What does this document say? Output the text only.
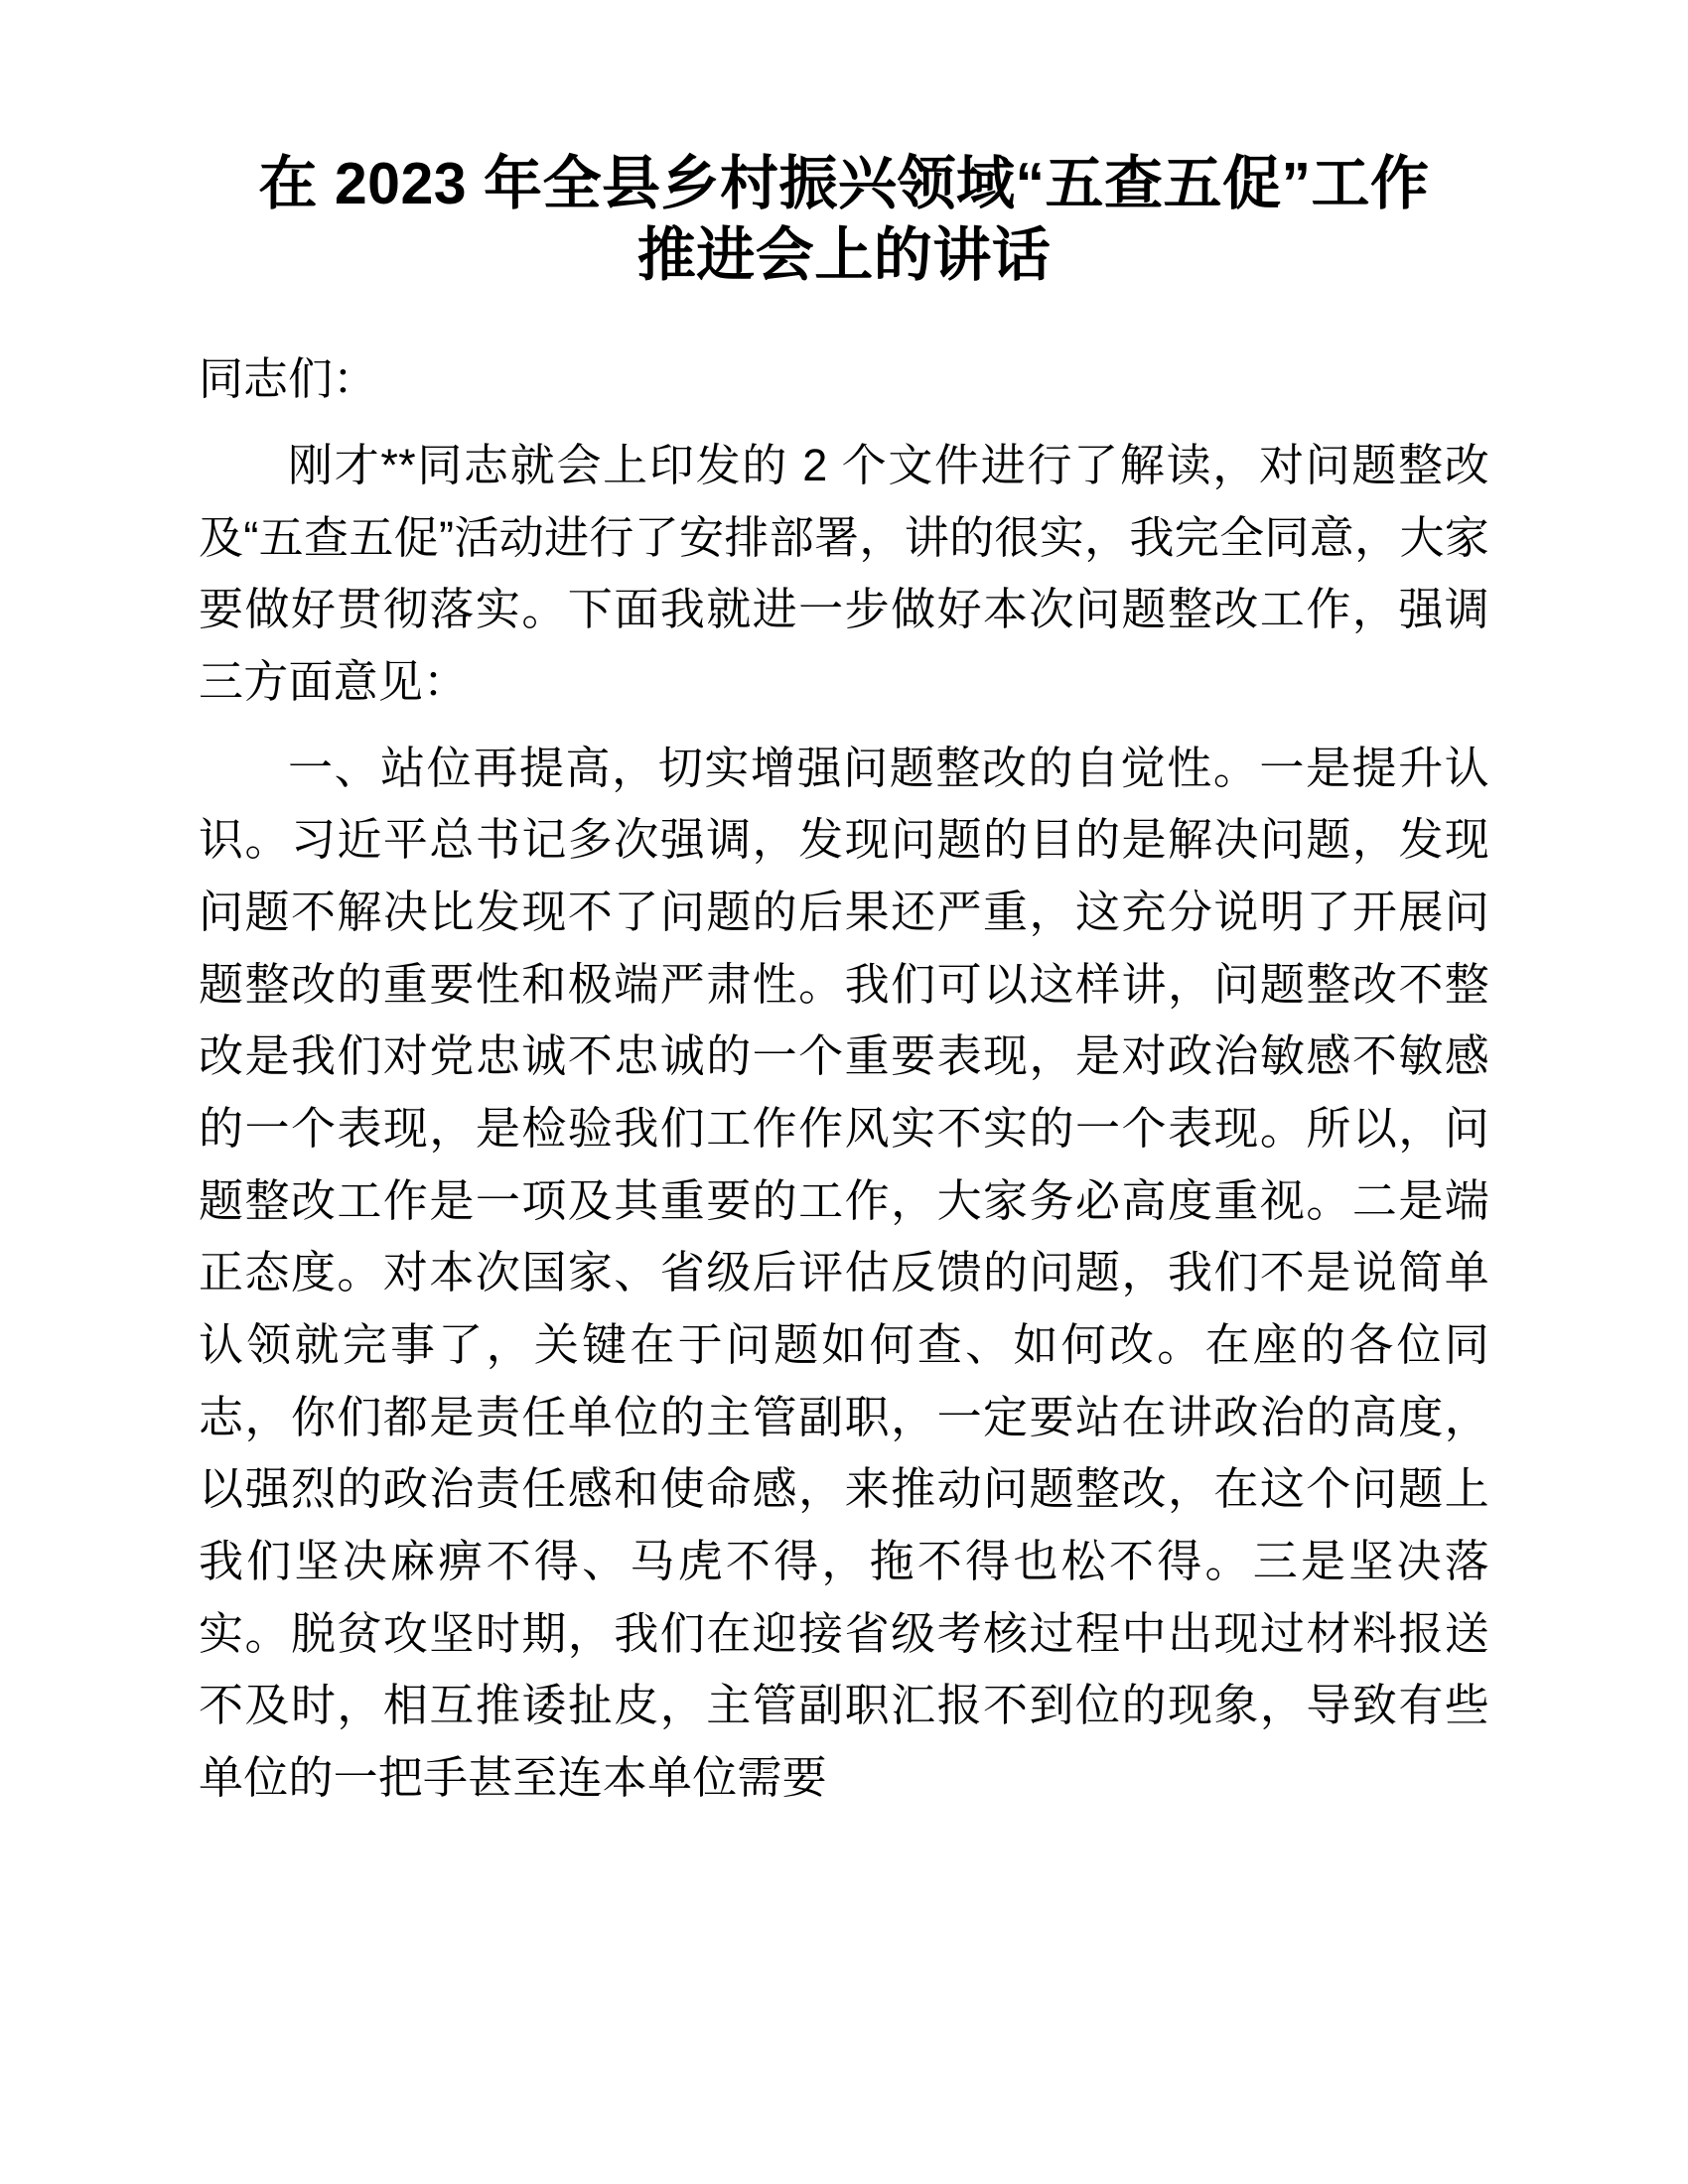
在 2023 年全县乡村振兴领域“五查五促”工作
推进会上的讲话

同志们：

刚才**同志就会上印发的 2 个文件进行了解读，对问题整改及“五查五促”活动进行了安排部署，讲的很实，我完全同意，大家要做好贯彻落实。下面我就进一步做好本次问题整改工作，强调三方面意见：

一、站位再提高，切实增强问题整改的自觉性。一是提升认识。习近平总书记多次强调，发现问题的目的是解决问题，发现问题不解决比发现不了问题的后果还严重，这充分说明了开展问题整改的重要性和极端严肃性。我们可以这样讲，问题整改不整改是我们对党忠诚不忠诚的一个重要表现，是对政治敏感不敏感的一个表现，是检验我们工作作风实不实的一个表现。所以，问题整改工作是一项及其重要的工作，大家务必高度重视。二是端正态度。对本次国家、省级后评估反馈的问题，我们不是说简单认领就完事了，关键在于问题如何查、如何改。在座的各位同志，你们都是责任单位的主管副职，一定要站在讲政治的高度，以强烈的政治责任感和使命感，来推动问题整改，在这个问题上我们坚决麻痹不得、马虎不得，拖不得也松不得。三是坚决落实。脱贫攻坚时期，我们在迎接省级考核过程中出现过材料报送不及时，相互推诿扯皮，主管副职汇报不到位的现象，导致有些单位的一把手甚至连本单位需要
